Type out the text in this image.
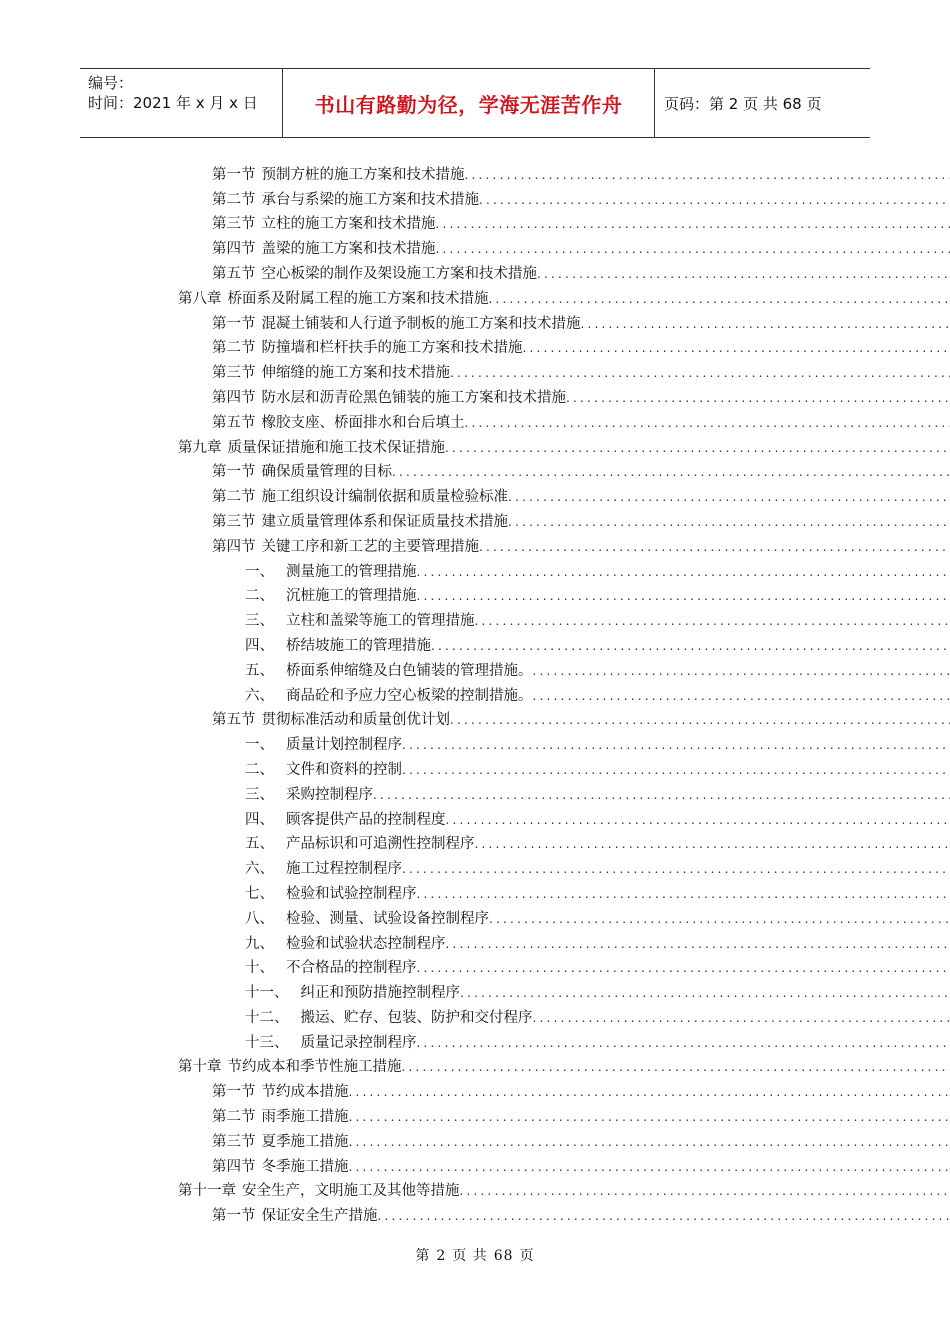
编号：
时间：2021 年 x 月 x 日	书山有路勤为径，学海无涯苦作舟	页码：第 2 页 共 68 页
第一节 预制方桩的施工方案和技术措施
.....
第二节 承台与系梁的施工方案和技术措施
.....
第三节 立柱的施工方案和技术措施
.....
第四节 盖梁的施工方案和技术措施
.....
第五节 空心板梁的制作及架设施工方案和技术措施
.....
第八章 桥面系及附属工程的施工方案和技术措施
.....
第一节 混凝土铺装和人行道予制板的施工方案和技术措施
.....
第二节 防撞墙和栏杆扶手的施工方案和技术措施
.....
第三节 伸缩缝的施工方案和技术措施
.....
第四节 防水层和沥青砼黑色铺装的施工方案和技术措施
.....
第五节 橡胶支座、桥面排水和台后填土
.....
第九章 质量保证措施和施工技术保证措施
.....
第一节 确保质量管理的目标
.....
第二节 施工组织设计编制依据和质量检验标准
.....
第三节 建立质量管理体系和保证质量技术措施
.....
第四节 关键工序和新工艺的主要管理措施
.....
一、 测量施工的管理措施
.....
二、 沉桩施工的管理措施
.....
三、 立柱和盖梁等施工的管理措施
.....
四、 桥结坡施工的管理措施
.....
五、 桥面系伸缩缝及白色铺装的管理措施。
.....
六、 商品砼和予应力空心板梁的控制措施。
.....
第五节 贯彻标准活动和质量创优计划
.....
一、 质量计划控制程序
.....
二、 文件和资料的控制
.....
三、 采购控制程序
.....
四、 顾客提供产品的控制程度
.....
五、 产品标识和可追溯性控制程序
.....
六、 施工过程控制程序
.....
七、 检验和试验控制程序
.....
八、 检验、测量、试验设备控制程序
.....
九、 检验和试验状态控制程序
.....
十、 不合格品的控制程序
.....
十一、 纠正和预防措施控制程序
.....
十二、 搬运、贮存、包装、防护和交付程序
.....
十三、 质量记录控制程序
.....
第十章 节约成本和季节性施工措施
.....
第一节 节约成本措施
.....
第二节 雨季施工措施
.....
第三节 夏季施工措施
.....
第四节 冬季施工措施
.....
第十一章 安全生产，文明施工及其他等措施
.....
第一节 保证安全生产措施
.....
第 2 页 共 68 页
